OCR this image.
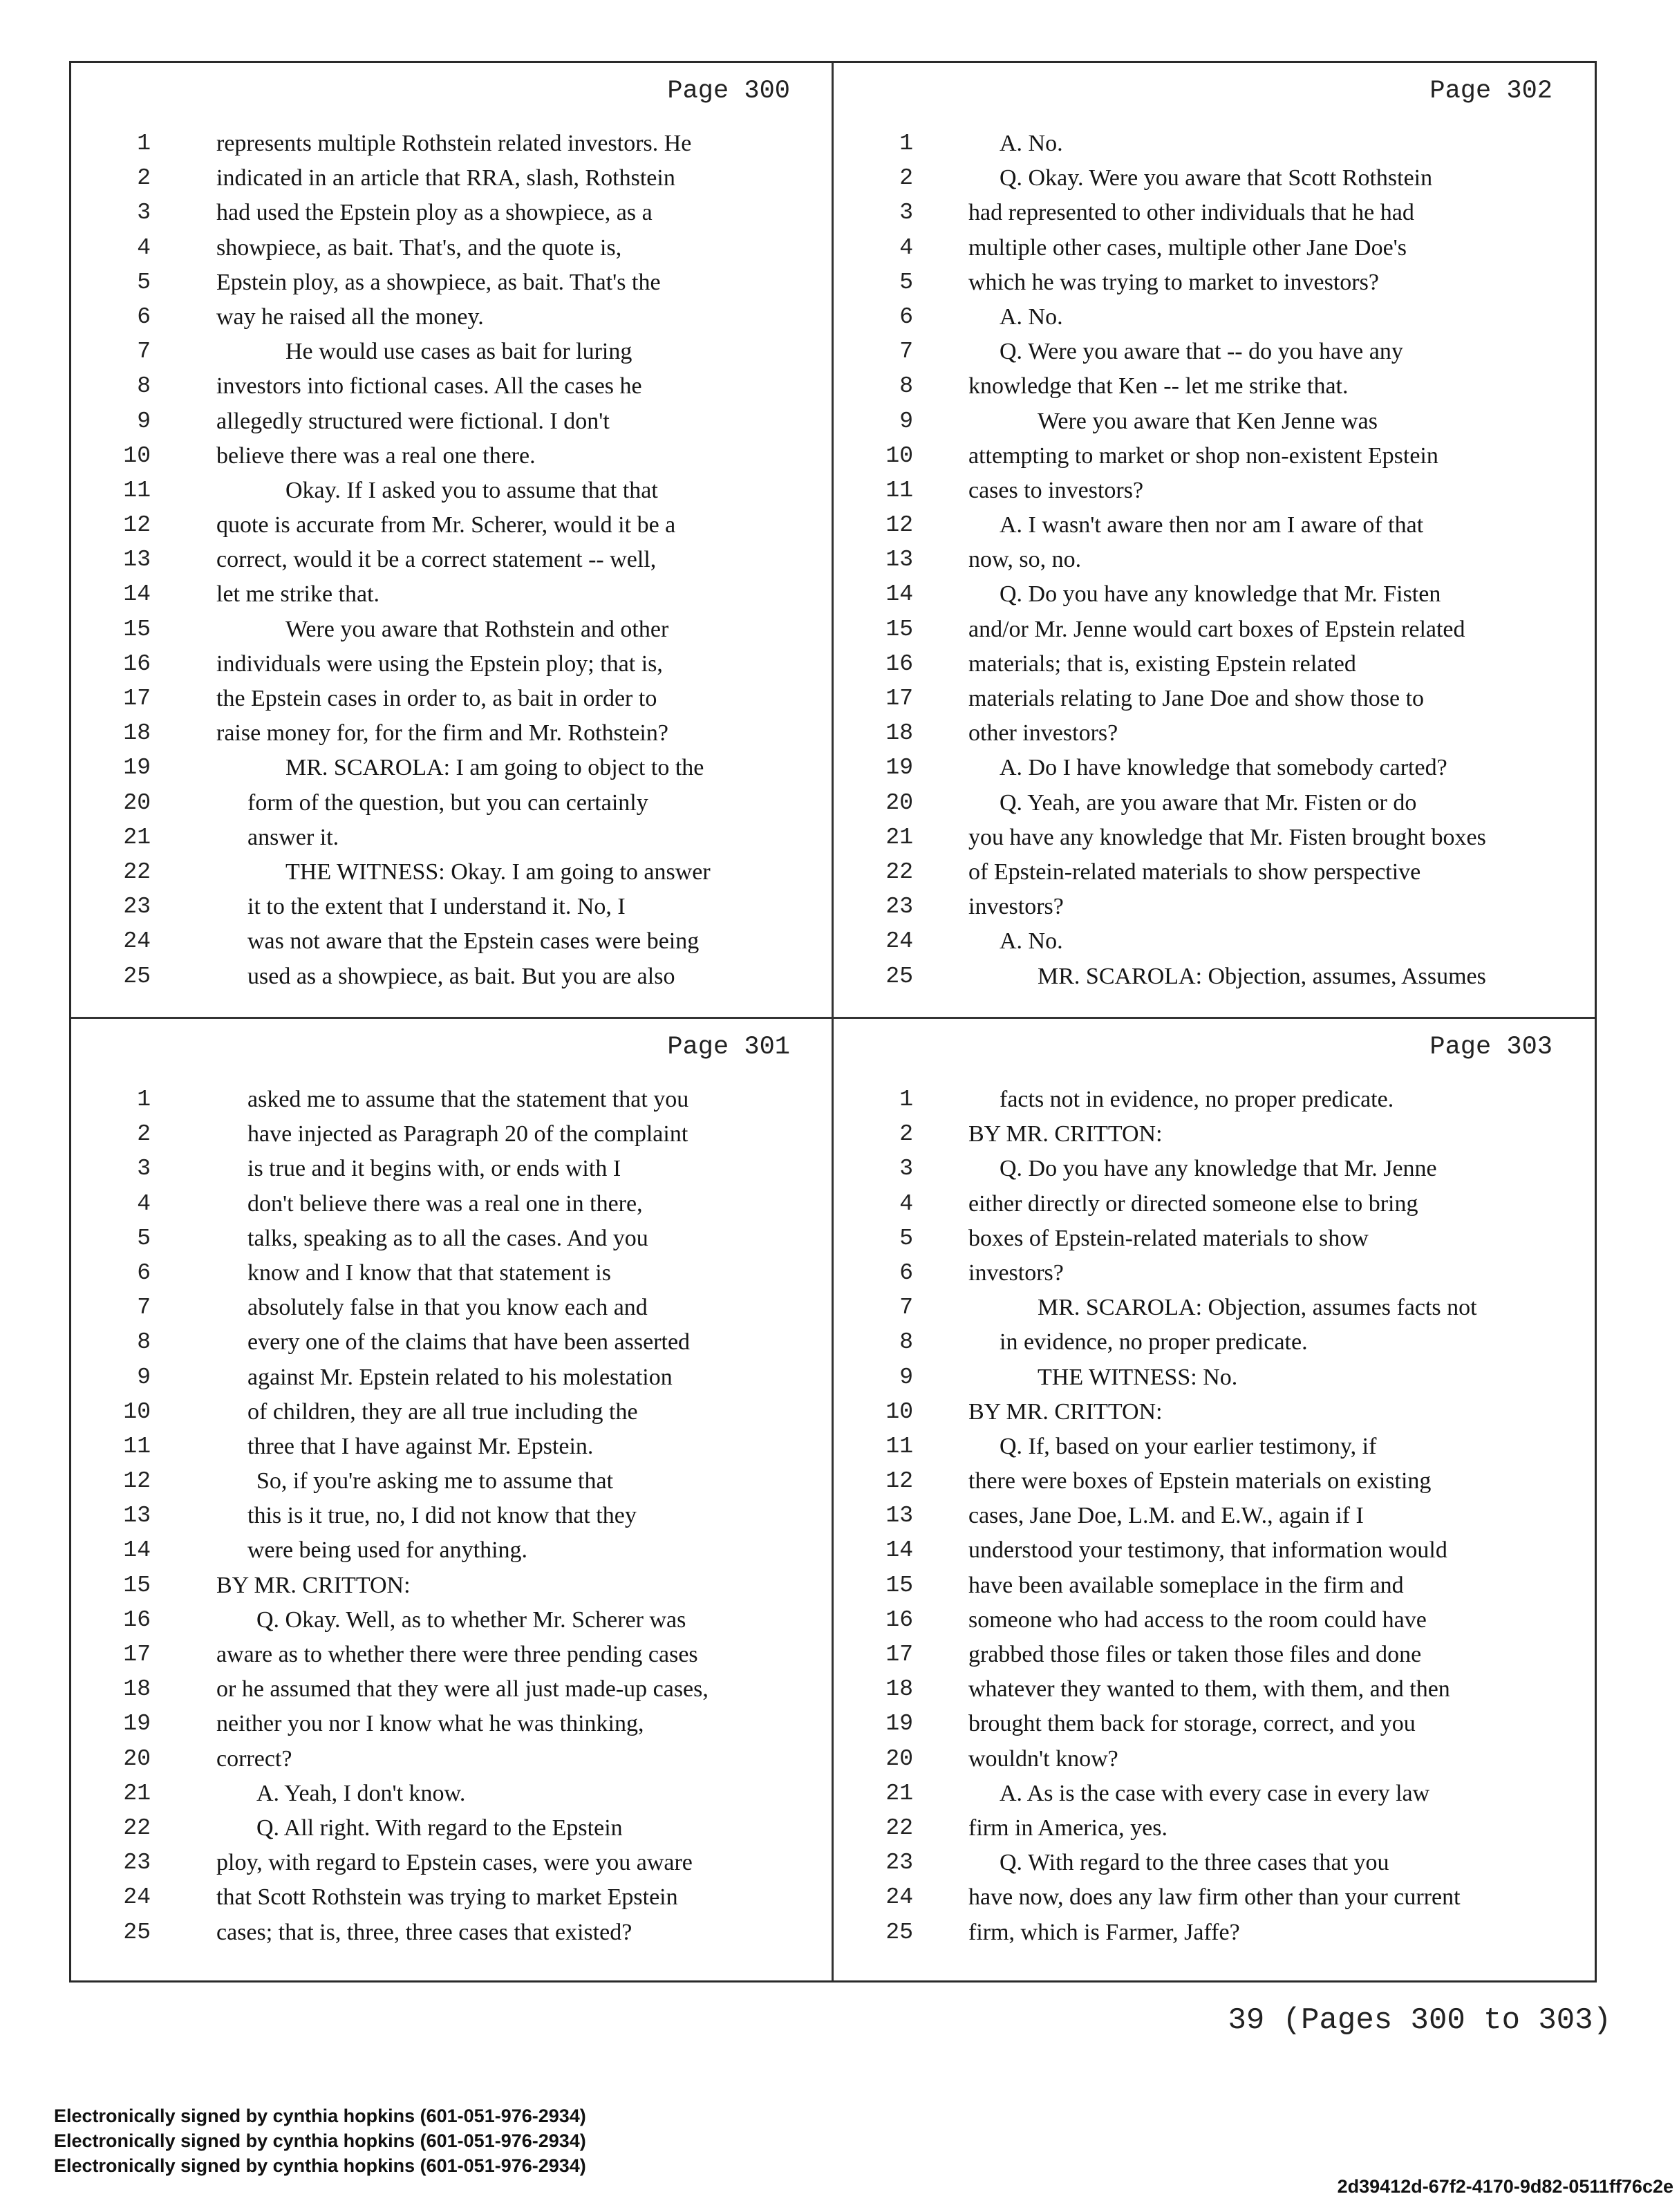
Page 300
1	represents multiple Rothstein related investors. He
2	indicated in an article that RRA, slash, Rothstein
3	had used the Epstein ploy as a showpiece, as a
4	showpiece, as bait. That's, and the quote is,
5	Epstein ploy, as a showpiece, as bait. That's the
6	way he raised all the money.
7	He would use cases as bait for luring
8	investors into fictional cases. All the cases he
9	allegedly structured were fictional. I don't
10	believe there was a real one there.
11	Okay. If I asked you to assume that that
12	quote is accurate from Mr. Scherer, would it be a
13	correct, would it be a correct statement -- well,
14	let me strike that.
15	Were you aware that Rothstein and other
16	individuals were using the Epstein ploy; that is,
17	the Epstein cases in order to, as bait in order to
18	raise money for, for the firm and Mr. Rothstein?
19	MR. SCAROLA: I am going to object to the
20	form of the question, but you can certainly
21	answer it.
22	THE WITNESS: Okay. I am going to answer
23	it to the extent that I understand it. No, I
24	was not aware that the Epstein cases were being
25	used as a showpiece, as bait. But you are also
Page 302
1	A. No.
2	Q. Okay. Were you aware that Scott Rothstein
3 had represented to other individuals that he had
4 multiple other cases, multiple other Jane Doe's
5 which he was trying to market to investors?
6	A. No.
7	Q. Were you aware that -- do you have any
8 knowledge that Ken -- let me strike that.
9	Were you aware that Ken Jenne was
10 attempting to market or shop non-existent Epstein
11 cases to investors?
12	A. I wasn't aware then nor am I aware of that
13 now, so, no.
14	Q. Do you have any knowledge that Mr. Fisten
15 and/or Mr. Jenne would cart boxes of Epstein related
16 materials; that is, existing Epstein related
17 materials relating to Jane Doe and show those to
18 other investors?
19	A. Do I have knowledge that somebody carted?
20	Q. Yeah, are you aware that Mr. Fisten or do
21 you have any knowledge that Mr. Fisten brought boxes
22 of Epstein-related materials to show perspective
23 investors?
24	A. No.
25	MR. SCAROLA: Objection, assumes, Assumes
Page 301
1	asked me to assume that the statement that you
2	have injected as Paragraph 20 of the complaint
3	is true and it begins with, or ends with I
4	don't believe there was a real one in there,
5	talks, speaking as to all the cases. And you
6	know and I know that that statement is
7	absolutely false in that you know each and
8	every one of the claims that have been asserted
9	against Mr. Epstein related to his molestation
10	of children, they are all true including the
11	three that I have against Mr. Epstein.
12	So, if you're asking me to assume that
13	this is it true, no, I did not know that they
14	were being used for anything.
15	BY MR. CRITTON:
16	Q. Okay. Well, as to whether Mr. Scherer was
17	aware as to whether there were three pending cases
18	or he assumed that they were all just made-up cases,
19	neither you nor I know what he was thinking,
20	correct?
21	A. Yeah, I don't know.
22	Q. All right. With regard to the Epstein
23	ploy, with regard to Epstein cases, were you aware
24	that Scott Rothstein was trying to market Epstein
25	cases; that is, three, three cases that existed?
Page 303
1	facts not in evidence, no proper predicate.
2 BY MR. CRITTON:
3	Q. Do you have any knowledge that Mr. Jenne
4 either directly or directed someone else to bring
5 boxes of Epstein-related materials to show
6 investors?
7	MR. SCAROLA: Objection, assumes facts not
8	in evidence, no proper predicate.
9	THE WITNESS: No.
10 BY MR. CRITTON:
11	Q. If, based on your earlier testimony, if
12 there were boxes of Epstein materials on existing
13 cases, Jane Doe, L.M. and E.W., again if I
14 understood your testimony, that information would
15 have been available someplace in the firm and
16 someone who had access to the room could have
17 grabbed those files or taken those files and done
18 whatever they wanted to them, with them, and then
19 brought them back for storage, correct, and you
20 wouldn't know?
21	A. As is the case with every case in every law
22 firm in America, yes.
23	Q. With regard to the three cases that you
24 have now, does any law firm other than your current
25 firm, which is Farmer, Jaffe?
39 (Pages 300 to 303)
Electronically signed by cynthia hopkins (601-051-976-2934)
Electronically signed by cynthia hopkins (601-051-976-2934)
Electronically signed by cynthia hopkins (601-051-976-2934)
2d39412d-67f2-4170-9d82-0511ff76c2e
